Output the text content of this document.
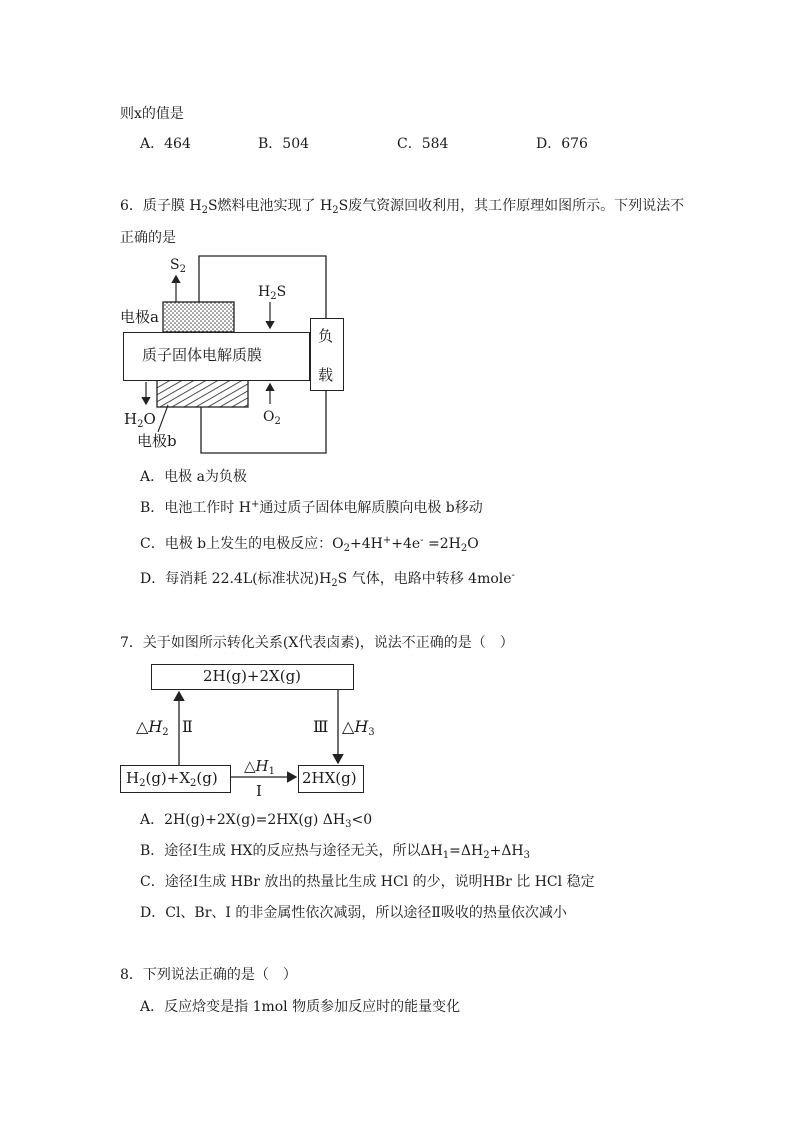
则x的值是
A．464	B．504	C．584	D．676
6．质子膜 $H_2S$燃料电池实现了 $H_2S$废气资源回收利用，其工作原理如图所示。下列说法不
正确的是
质子固体电解质膜
负
载
$S_2$
$H_2S$
电极a
$H_2O$	$O_2$
电极b
A．电极 a为负极
B．电池工作时 H+通过质子固体电解质膜向电极 b移动
C．电极 b上发生的电极反应：$O_2+4H^++4e^- =2H_2O$
D．每消耗 22.4L(标准状况)$H_2S$ 气体，电路中转移 4mole-
7．关于如图所示转化关系(X代表卤素)，说法不正确的是（　）
2H(g)+2X(g)
$H_2(g)+X_2(g)$	2HX(g)
$\triangle H_2$ Ⅱ	Ⅲ $\triangle H_3$
$\triangle H_1$
Ⅰ
A．2H(g)+2X(g)=2HX(g) $\Delta H_3<0$
B．途径Ⅰ生成 HX的反应热与途径无关，所以$\Delta H_1=\Delta H_2+\Delta H_3$
C．途径Ⅰ生成 HBr 放出的热量比生成 HCl 的少，说明HBr 比 HCl 稳定
D．Cl、Br、I 的非金属性依次减弱，所以途径Ⅱ吸收的热量依次减小
8．下列说法正确的是（　）
A．反应焓变是指 1mol 物质参加反应时的能量变化
